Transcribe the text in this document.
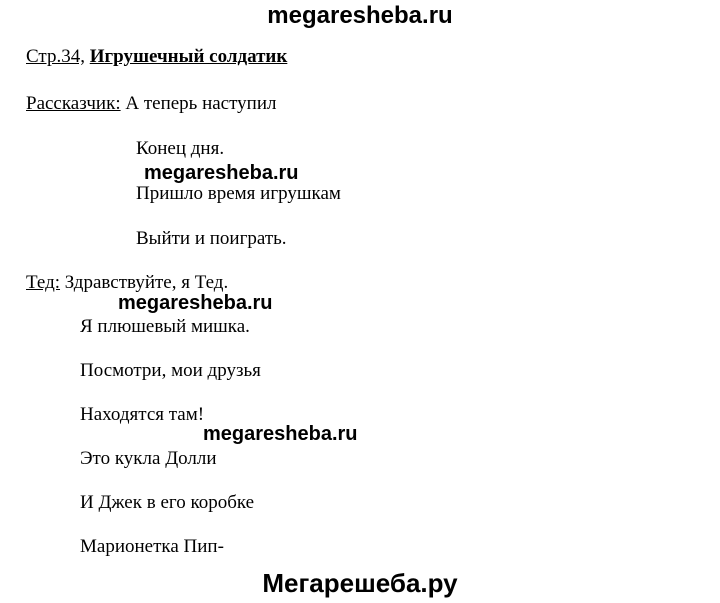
megaresheba.ru
Стр.34, Игрушечный солдатик
Рассказчик: А теперь наступил
Конец дня.
Пришло время игрушкам
Выйти и поиграть.
megaresheba.ru
Тед: Здравствуйте, я Тед.
megaresheba.ru
Я плюшевый мишка.
Посмотри, мои друзья
Находятся там!
megaresheba.ru
Это кукла Долли
И Джек в его коробке
Марионетка Пип-
Мегарешеба.ру
